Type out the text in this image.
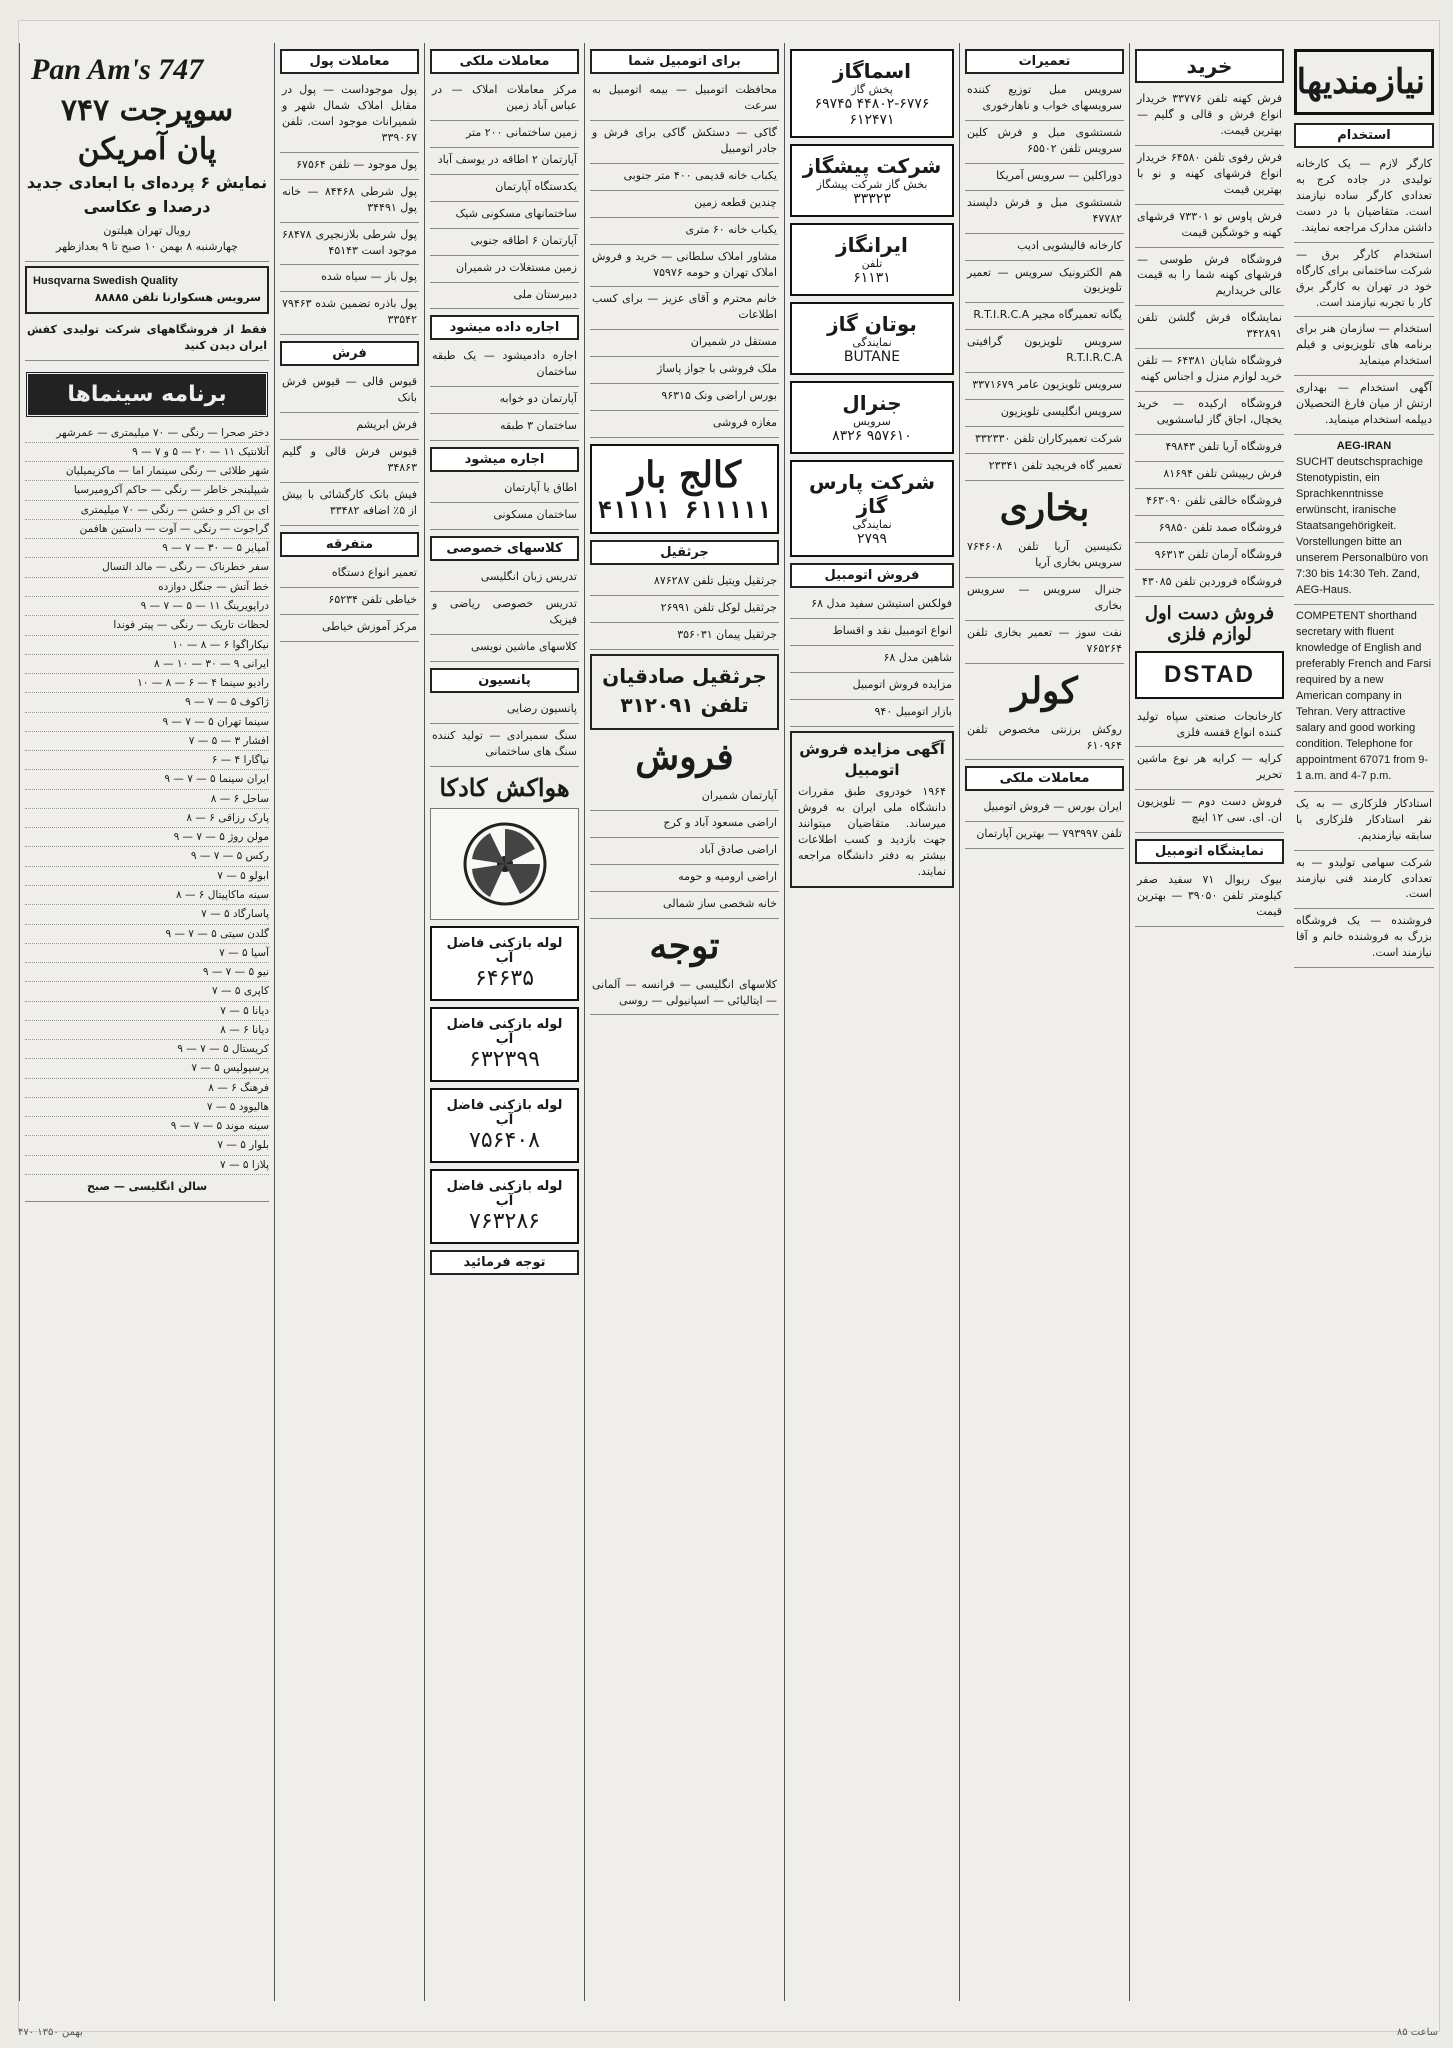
نیازمندیها
استخدام
کارگر لازم — یک کارخانه تولیدی در جاده کرج به تعدادی کارگر ساده نیازمند است. متقاضیان با در دست داشتن مدارک مراجعه نمایند.
استخدام کارگر برق — شرکت ساختمانی برای کارگاه خود در تهران به کارگر برق کار با تجربه نیازمند است.
استخدام — سازمان هنر برای برنامه های تلویزیونی و فیلم استخدام مینماید
آگهی استخدام — بهداری ارتش از میان فارغ التحصیلان دیپلمه استخدام مینماید.
AEG-IRAN
SUCHT deutschsprachige Stenotypistin, ein Sprachkenntnisse erwünscht, iranische Staatsangehörigkeit. Vorstellungen bitte an unserem Personalbüro von 7:30 bis 14:30 Teh. Zand, AEG-Haus.
COMPETENT shorthand secretary with fluent knowledge of English and preferably French and Farsi required by a new American company in Tehran. Very attractive salary and good working condition. Telephone for appointment 67071 from 9-1 a.m. and 4-7 p.m.
استادکار فلزکاری — به یک نفر استادکار فلزکاری با سابقه نیازمندیم.
شرکت سهامی تولیدو — به تعدادی کارمند فنی نیازمند است.
فروشنده — یک فروشگاه بزرگ به فروشنده خانم و آقا نیازمند است.
خرید
فرش کهنه تلفن ۳۳۷۷۶ خریدار انواع فرش و قالی و گلیم — بهترین قیمت.
فرش رفوی تلفن ۶۴۵۸۰ خریدار انواع فرشهای کهنه و نو با بهترین قیمت
فرش پاوس نو ۷۳۳۰۱ فرشهای کهنه و خوشگین قیمت
فروشگاه فرش طوسی — فرشهای کهنه شما را به قیمت عالی خریداریم
نمایشگاه فرش گلشن تلفن ۳۴۲۸۹۱
فروشگاه شایان ۶۴۳۸۱ — تلفن خرید لوازم منزل و اجناس کهنه
فروشگاه ارکیده — خرید یخچال، اجاق گاز لباسشویی
فروشگاه آریا تلفن ۴۹۸۴۳
فرش ریپیشن تلفن ۸۱۶۹۴
فروشگاه خالقی تلفن ۴۶۳۰۹۰
فروشگاه صمد تلفن ۶۹۸۵۰
فروشگاه آرمان تلفن ۹۶۳۱۳
فروشگاه فروردین تلفن ۴۳۰۸۵
فروش دست اول لوازم فلزی
DSTAD
کارخانجات صنعتی سپاه تولید کننده انواع قفسه فلزی
کرایه — کرایه هر نوع ماشین تحریر
فروش دست دوم — تلویزیون ان. ای. سی ۱۲ اینچ
نمایشگاه اتومبیل
بیوک ریوال ۷۱ سفید صفر کیلومتر تلفن ۳۹۰۵۰ — بهترین قیمت
تعمیرات
سرویس مبل توزیع کننده سرویسهای خواب و ناهارخوری
شستشوی مبل و فرش کلین سرویس تلفن ۶۵۵۰۲
دوراکلین — سرویس آمریکا
شستشوی مبل و فرش دلپسند ۴۷۷۸۲
کارخانه قالیشویی ادیب
هم الکترونیک سرویس — تعمیر تلویزیون
یگانه تعمیرگاه مجیر R.T.I.R.C.A
سرویس تلویزیون گرافیتی R.T.I.R.C.A
سرویس تلویزیون عامر ۳۳۷۱۶۷۹
سرویس انگلیسی تلویزیون
شرکت تعمیرکاران تلفن ۳۳۲۳۳۰
تعمیر گاه فریجید تلفن ۲۳۳۴۱
بخاری
تکنیسین آریا تلفن ۷۶۴۶۰۸ سرویس بخاری آریا
جنرال سرویس — سرویس بخاری
نفت سوز — تعمیر بخاری تلفن ۷۶۵۲۶۴
کولر
روکش برزنتی مخصوص تلفن ۶۱۰۹۶۴
معاملات ملکی
ایران بورس — فروش اتومبیل
تلفن ۷۹۳۹۹۷ — بهترین آپارتمان
اسماگاز
پخش گاز
۴۴۸۰۲-۶۷۷۶ ۶۹۷۴۵ ۶۱۲۴۷۱
شرکت پیشگاز
بخش گاز شرکت پیشگاز
۳۳۳۲۳
ایرانگاز
تلفن
۶۱۱۳۱
بوتان گاز
نمایندگی
BUTANE
جنرال
سرویس
۹۵۷۶۱۰ ۸۳۲۶
شرکت پارس گاز
نمایندگی
۲۷۹۹
فروش اتومبیل
فولکس استیشن سفید مدل ۶۸
انواع اتومبیل نقد و اقساط
شاهین مدل ۶۸
مزایده فروش اتومبیل
بازار اتومبیل ۹۴۰
آگهی مزایده فروش اتومبیل
۱۹۶۴ خودروی طبق مقررات دانشگاه ملی ایران به فروش میرساند. متقاضیان میتوانند جهت بازدید و کسب اطلاعات بیشتر به دفتر دانشگاه مراجعه نمایند.
برای اتومبیل شما
محافظت اتومبیل — بیمه اتومبیل به سرعت
گاکی — دستکش گاکی برای فرش و جادر اتومبیل
یکباب خانه قدیمی ۴۰۰ متر جنوبی
چندین قطعه زمین
یکباب خانه ۶۰ متری
مشاور املاک سلطانی — خرید و فروش املاک تهران و حومه ۷۵۹۷۶
خانم محترم و آقای عزیز — برای کسب اطلاعات
مستقل در شمیران
ملک فروشی با جواز پاساژ
بورس اراضی ونک ۹۶۳۱۵
مغازه فروشی
کالج بار
۴۱۱۱۱ ۶۱۱۱۱۱
جرثقیل
جرثقیل ویتیل تلفن ۸۷۶۲۸۷
جرثقیل لوکل تلفن ۲۶۹۹۱
جرثقیل پیمان ۳۵۶۰۳۱
جرثقیل صادقیان تلفن ۳۱۲۰۹۱
فروش
آپارتمان شمیران
اراضی مسعود آباد و کرج
اراضی صادق آباد
اراضی ارومیه و حومه
خانه شخصی ساز شمالی
توجه
کلاسهای انگلیسی — فرانسه — آلمانی — ایتالیائی — اسپانیولی — روسی
معاملات ملکی
مرکز معاملات املاک — در عباس آباد زمین
زمین ساختمانی ۲۰۰ متر
آپارتمان ۲ اطاقه در یوسف آباد
یکدستگاه آپارتمان
ساختمانهای مسکونی شیک
آپارتمان ۶ اطاقه جنوبی
زمین مستغلات در شمیران
دبیرستان ملی
اجاره داده میشود
اجاره دادمیشود — یک طبقه ساختمان
آپارتمان دو خوابه
ساختمان ۳ طبقه
اجاره میشود
اطاق یا آپارتمان
ساختمان مسکونی
کلاسهای خصوصی
تدریس زبان انگلیسی
تدریس خصوصی ریاضی و فیزیک
کلاسهای ماشین نویسی
پانسیون
پانسیون رضایی
سنگ سمیرادی — تولید کننده سنگ های ساختمانی
هواکش کادکا
لوله بازکنی فاضل آب
۶۴۶۳۵
لوله بازکنی فاضل آب
۶۳۲۳۹۹
لوله بازکنی فاضل آب
۷۵۶۴۰۸
لوله بازکنی فاضل آب
۷۶۳۲۸۶
توجه فرمائید
معاملات پول
پول موجوداست — پول در مقابل املاک شمال شهر و شمیرانات موجود است. تلفن ۳۳۹۰۶۷
پول موجود — تلفن ۶۷۵۶۴
پول شرطی ۸۴۴۶۸ — خانه پول ۳۴۴۹۱
پول شرطی بلازنجیری ۶۸۴۷۸ موجود است ۴۵۱۴۳
پول باز — سیاه شده
پول باذره تضمین شده ۷۹۴۶۳ ۳۳۵۴۲
فرش
قیوس قالی — قیوس فرش بانک
فرش ابریشم
قیوس فرش قالی و گلیم ۳۴۸۶۳
فیش بانک کارگشائی با بیش از ۵٪ اضافه ۳۳۴۸۲
متفرقه
تعمیر انواع دستگاه
خیاطی تلفن ۶۵۲۳۴
مرکز آموزش خیاطی
Pan Am's 747
سوپرجت ۷۴۷
پان آمریکن
نمایش ۶ پرده‌ای با ابعادی جدید درصدا و عکاسی
رویال تهران هیلتون
چهارشنبه ۸ بهمن ۱۰ صبح تا ۹ بعدازظهر
Husqvarna Swedish Quality
سرویس هسکوارنا تلفن ۸۸۸۸۵
فقط از فروشگاههای شرکت تولیدی کفش ایران دیدن کنید
برنامه سینماها
دختر صحرا — رنگی — ۷۰ میلیمتری — عمرشهر
آتلانتیک ۱۱ — ۲۰ — ۵ و ۷ — ۹
شهر طلائی — رنگی سینمار اما — ماکزیمیلیان
شیپلینجر خاطر — رنگی — حاکم آکرومیرسیا
ای بن اکر و خشن — رنگی — ۷۰ میلیمتری
گراجوت — رنگی — آوت — داستین هافمن
آمپایر ۵ — ۳۰ — ۷ — ۹
سفر خطرناک — رنگی — مالد التسال
خط آتش — جنگل دوازده
دراپویرینگ ۱۱ — ۵ — ۷ — ۹
لحظات تاریک — رنگی — پیتر فوندا
نیکاراگوا ۶ — ۸ — ۱۰
ایرانی ۹ — ۳۰ — ۱۰ — ۸
رادیو سینما ۴ — ۶ — ۸ — ۱۰
ژاکوف ۵ — ۷ — ۹
سینما تهران ۵ — ۷ — ۹
افشار ۳ — ۵ — ۷
نیاگارا ۴ — ۶
ایران سینما ۵ — ۷ — ۹
ساحل ۶ — ۸
پارک رزاقی ۶ — ۸
مولن روژ ۵ — ۷ — ۹
رکس ۵ — ۷ — ۹
ابولو ۵ — ۷
سینه ماکاپیتال ۶ — ۸
پاسارگاد ۵ — ۷
گلدن سیتی ۵ — ۷ — ۹
آسیا ۵ — ۷
نیو ۵ — ۷ — ۹
کاپری ۵ — ۷
دیانا ۵ — ۷
دیانا ۶ — ۸
کریستال ۵ — ۷ — ۹
پرسپولیس ۵ — ۷
فرهنگ ۶ — ۸
هالیوود ۵ — ۷
سینه موند ۵ — ۷ — ۹
بلوار ۵ — ۷
پلازا ۵ — ۷
سالن انگلیسی — صبح
۴۷۰ بهمن ۱۳۵۰	۸۵ ساعت
